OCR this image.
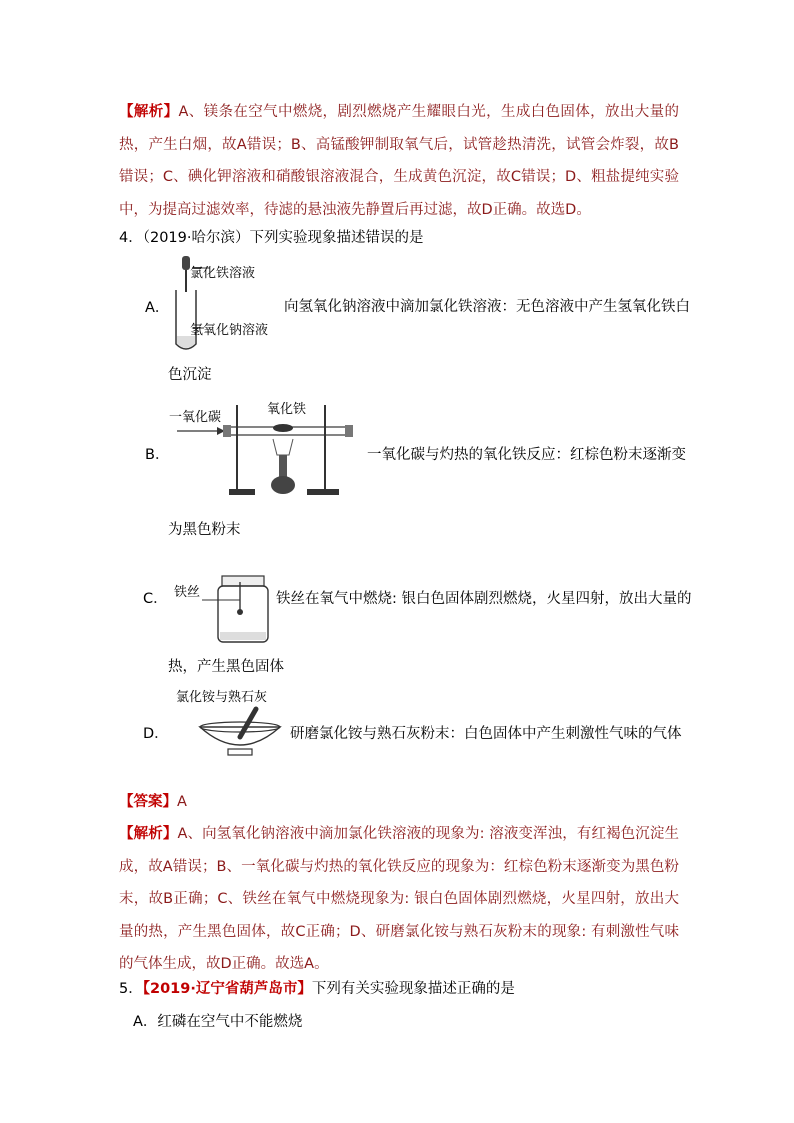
【解析】A、镁条在空气中燃烧，剧烈燃烧产生耀眼白光，生成白色固体，放出大量的热，产生白烟，故A错误；B、高锰酸钾制取氧气后，试管趁热清洗，试管会炸裂，故B错误；C、碘化钾溶液和硝酸银溶液混合，生成黄色沉淀，故C错误；D、粗盐提纯实验中，为提高过滤效率，待滤的悬浊液先静置后再过滤，故D正确。故选D。
4．（2019·哈尔滨）下列实验现象描述错误的是
A．
氯化铁溶液
氢氧化钠溶液
向氢氧化钠溶液中滴加氯化铁溶液：无色溶液中产生氢氧化铁白
色沉淀
B．
一氧化碳
氧化铁
一氧化碳与灼热的氧化铁反应：红棕色粉末逐渐变
为黑色粉末
C． 铁丝	铁丝在氧气中燃烧: 银白色固体剧烈燃烧，火星四射，放出大量的
热，产生黑色固体
D．
氯化铵与熟石灰
研磨氯化铵与熟石灰粉末：白色固体中产生刺激性气味的气体
【答案】A
【解析】A、向氢氧化钠溶液中滴加氯化铁溶液的现象为: 溶液变浑浊，有红褐色沉淀生成，故A错误；B、一氧化碳与灼热的氧化铁反应的现象为：红棕色粉末逐渐变为黑色粉末，故B正确；C、铁丝在氧气中燃烧现象为: 银白色固体剧烈燃烧，火星四射，放出大量的热，产生黑色固体，故C正确；D、研磨氯化铵与熟石灰粉末的现象: 有刺激性气味的气体生成，故D正确。故选A。
5．【2019·辽宁省葫芦岛市】下列有关实验现象描述正确的是
A．红磷在空气中不能燃烧
